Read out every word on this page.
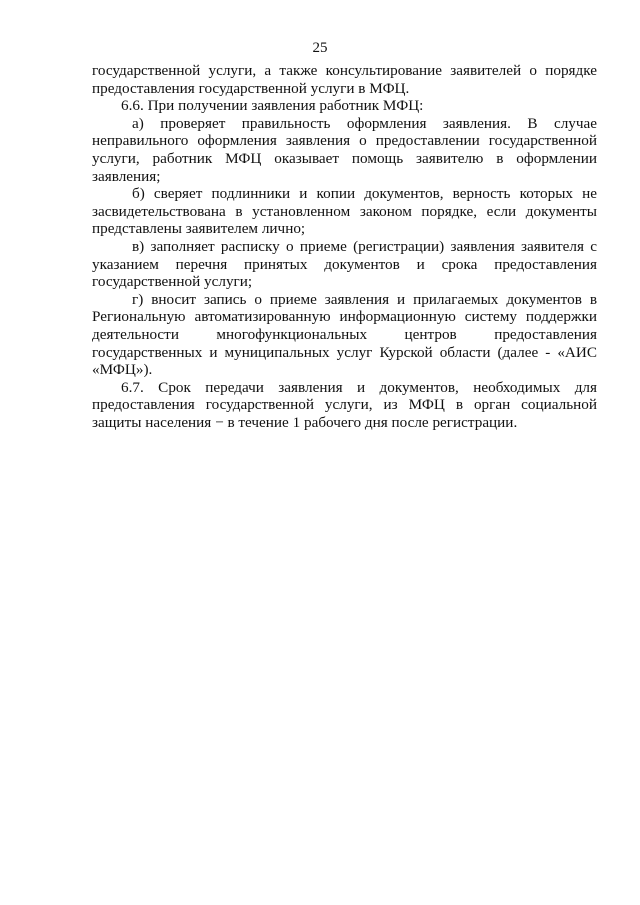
25

государственной услуги, а также консультирование заявителей о порядке предоставления государственной услуги в МФЦ.

6.6. При получении заявления работник МФЦ:

а) проверяет правильность оформления заявления. В случае неправильного оформления заявления о предоставлении государственной услуги, работник МФЦ оказывает помощь заявителю в оформлении заявления;

б) сверяет подлинники и копии документов, верность которых не засвидетельствована в установленном законом порядке, если документы представлены заявителем лично;

в) заполняет расписку о приеме (регистрации) заявления заявителя с указанием перечня принятых документов и срока предоставления государственной услуги;

г) вносит запись о приеме заявления и прилагаемых документов в Региональную автоматизированную информационную систему поддержки деятельности многофункциональных центров предоставления государственных и муниципальных услуг Курской области (далее - «АИС «МФЦ»).

6.7. Срок передачи заявления и документов, необходимых для предоставления государственной услуги, из МФЦ в орган социальной защиты населения − в течение 1 рабочего дня после регистрации.
